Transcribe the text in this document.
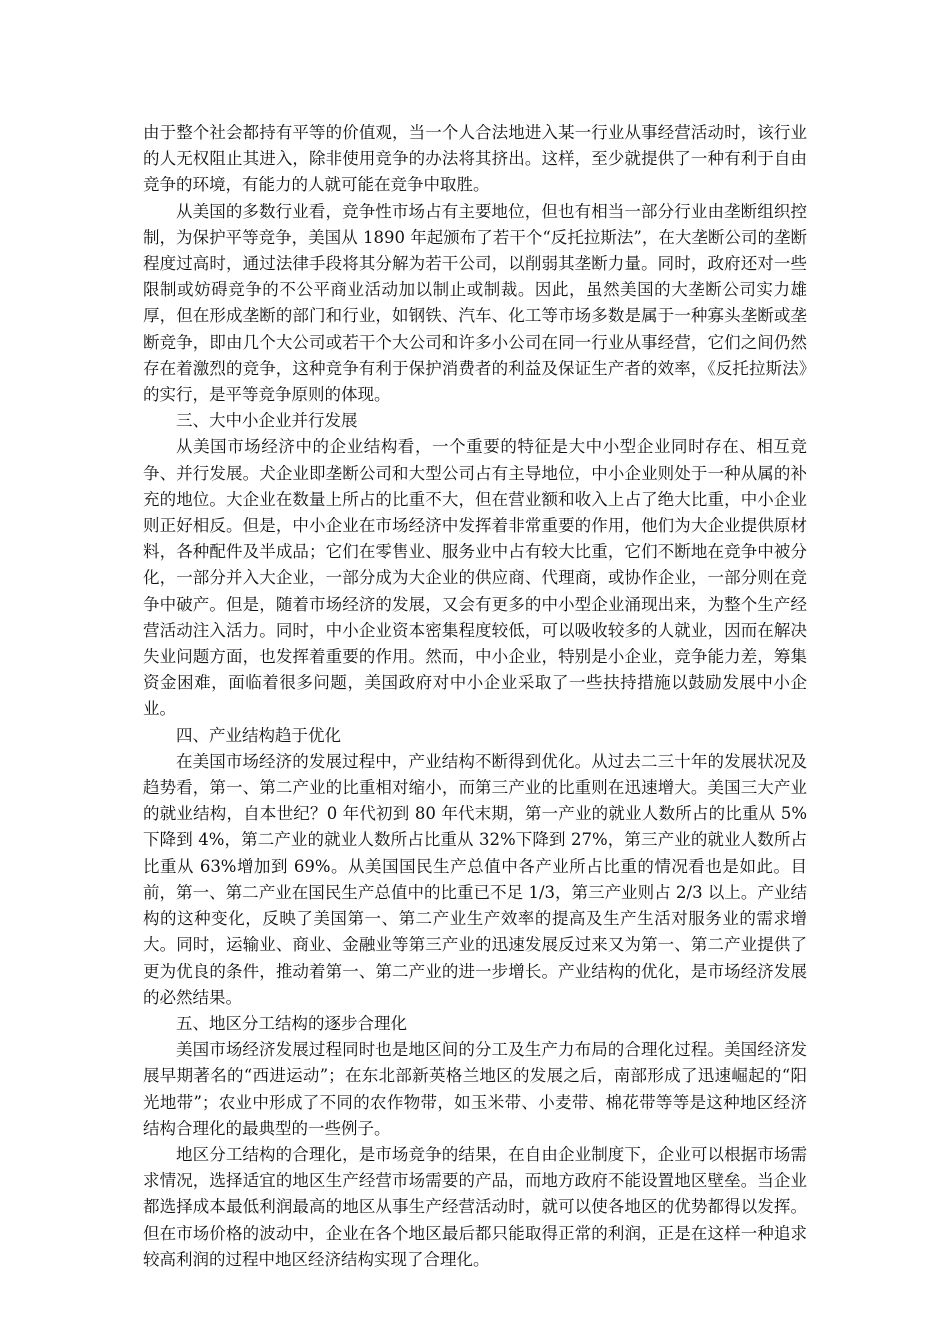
由于整个社会都持有平等的价值观，当一个人合法地进入某一行业从事经营活动时，该行业的人无权阻止其进入，除非使用竞争的办法将其挤出。这样，至少就提供了一种有利于自由竞争的环境，有能力的人就可能在竞争中取胜。

从美国的多数行业看，竞争性市场占有主要地位，但也有相当一部分行业由垄断组织控制，为保护平等竞争，美国从 1890 年起颁布了若干个“反托拉斯法”，在大垄断公司的垄断程度过高时，通过法律手段将其分解为若干公司，以削弱其垄断力量。同时，政府还对一些限制或妨碍竞争的不公平商业活动加以制止或制裁。因此，虽然美国的大垄断公司实力雄厚，但在形成垄断的部门和行业，如钢铁、汽车、化工等市场多数是属于一种寡头垄断或垄断竞争，即由几个大公司或若干个大公司和许多小公司在同一行业从事经营，它们之间仍然存在着激烈的竞争，这种竞争有利于保护消费者的利益及保证生产者的效率，《反托拉斯法》的实行，是平等竞争原则的体现。

三、大中小企业并行发展

从美国市场经济中的企业结构看，一个重要的特征是大中小型企业同时存在、相互竞争、并行发展。犬企业即垄断公司和大型公司占有主导地位，中小企业则处于一种从属的补充的地位。大企业在数量上所占的比重不大，但在营业额和收入上占了绝大比重，中小企业则正好相反。但是，中小企业在市场经济中发挥着非常重要的作用，他们为大企业提供原材料，各种配件及半成品；它们在零售业、服务业中占有较大比重，它们不断地在竞争中被分化，一部分并入大企业，一部分成为大企业的供应商、代理商，或协作企业，一部分则在竞争中破产。但是，随着市场经济的发展，又会有更多的中小型企业涌现出来，为整个生产经营活动注入活力。同时，中小企业资本密集程度较低，可以吸收较多的人就业，因而在解决失业问题方面，也发挥着重要的作用。然而，中小企业，特别是小企业，竞争能力差，筹集资金困难，面临着很多问题，美国政府对中小企业采取了一些扶持措施以鼓励发展中小企业。

四、产业结构趋于优化

在美国市场经济的发展过程中，产业结构不断得到优化。从过去二三十年的发展状况及趋势看，第一、第二产业的比重相对缩小，而第三产业的比重则在迅速增大。美国三大产业的就业结构，自本世纪？0 年代初到 80 年代末期，第一产业的就业人数所占的比重从 5%下降到 4%，第二产业的就业人数所占比重从 32%下降到 27%，第三产业的就业人数所占比重从 63%增加到 69%。从美国国民生产总值中各产业所占比重的情况看也是如此。目前，第一、第二产业在国民生产总值中的比重已不足 1/3，第三产业则占 2/3 以上。产业结构的这种变化，反映了美国第一、第二产业生产效率的提高及生产生活对服务业的需求增大。同时，运输业、商业、金融业等第三产业的迅速发展反过来又为第一、第二产业提供了更为优良的条件，推动着第一、第二产业的进一步增长。产业结构的优化，是市场经济发展的必然结果。

五、地区分工结构的逐步合理化

美国市场经济发展过程同时也是地区间的分工及生产力布局的合理化过程。美国经济发展早期著名的“西进运动”；在东北部新英格兰地区的发展之后，南部形成了迅速崛起的“阳光地带”；农业中形成了不同的农作物带，如玉米带、小麦带、棉花带等等是这种地区经济结构合理化的最典型的一些例子。

地区分工结构的合理化，是市场竞争的结果，在自由企业制度下，企业可以根据市场需求情况，选择适宜的地区生产经营市场需要的产品，而地方政府不能设置地区壁垒。当企业都选择成本最低利润最高的地区从事生产经营活动时，就可以使各地区的优势都得以发挥。但在市场价格的波动中，企业在各个地区最后都只能取得正常的利润，正是在这样一种追求较高利润的过程中地区经济结构实现了合理化。
